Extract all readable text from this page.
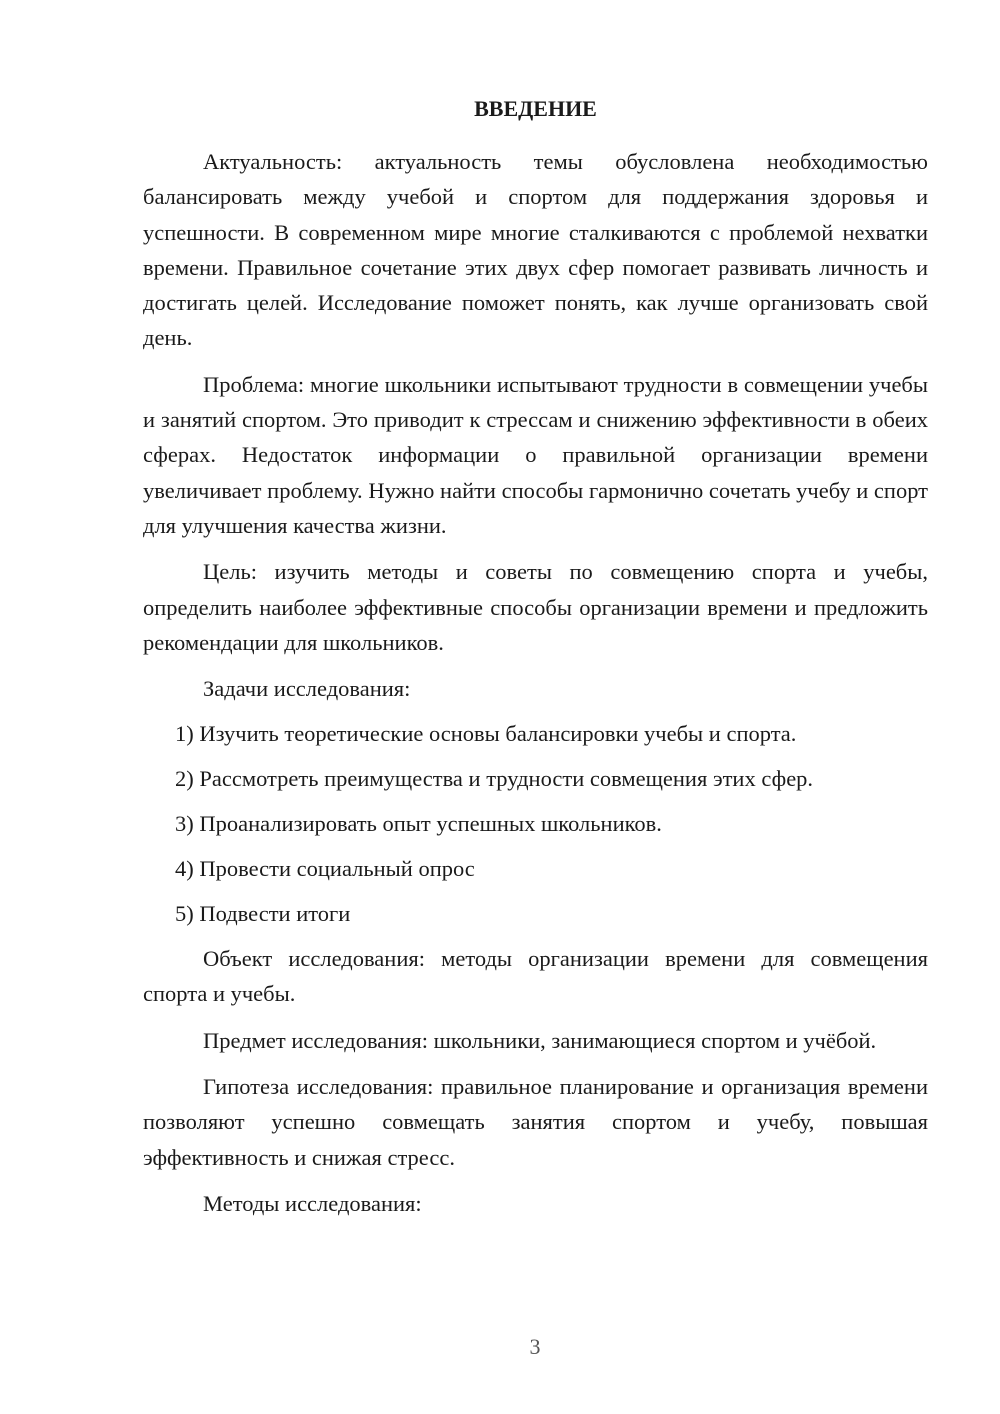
ВВЕДЕНИЕ

Актуальность: актуальность темы обусловлена необходимостью балансировать между учебой и спортом для поддержания здоровья и успешности. В современном мире многие сталкиваются с проблемой нехватки времени. Правильное сочетание этих двух сфер помогает развивать личность и достигать целей. Исследование поможет понять, как лучше организовать свой день.

Проблема: многие школьники испытывают трудности в совмещении учебы и занятий спортом. Это приводит к стрессам и снижению эффективности в обеих сферах. Недостаток информации о правильной организации времени увеличивает проблему. Нужно найти способы гармонично сочетать учебу и спорт для улучшения качества жизни.

Цель: изучить методы и советы по совмещению спорта и учебы, определить наиболее эффективные способы организации времени и предложить рекомендации для школьников.

Задачи исследования:

1) Изучить теоретические основы балансировки учебы и спорта.

2) Рассмотреть преимущества и трудности совмещения этих сфер.

3) Проанализировать опыт успешных школьников.

4) Провести социальный опрос

5) Подвести итоги

Объект исследования: методы организации времени для совмещения спорта и учебы.

Предмет исследования: школьники, занимающиеся спортом и учёбой.

Гипотеза исследования: правильное планирование и организация времени позволяют успешно совмещать занятия спортом и учебу, повышая эффективность и снижая стресс.

Методы исследования:

3
